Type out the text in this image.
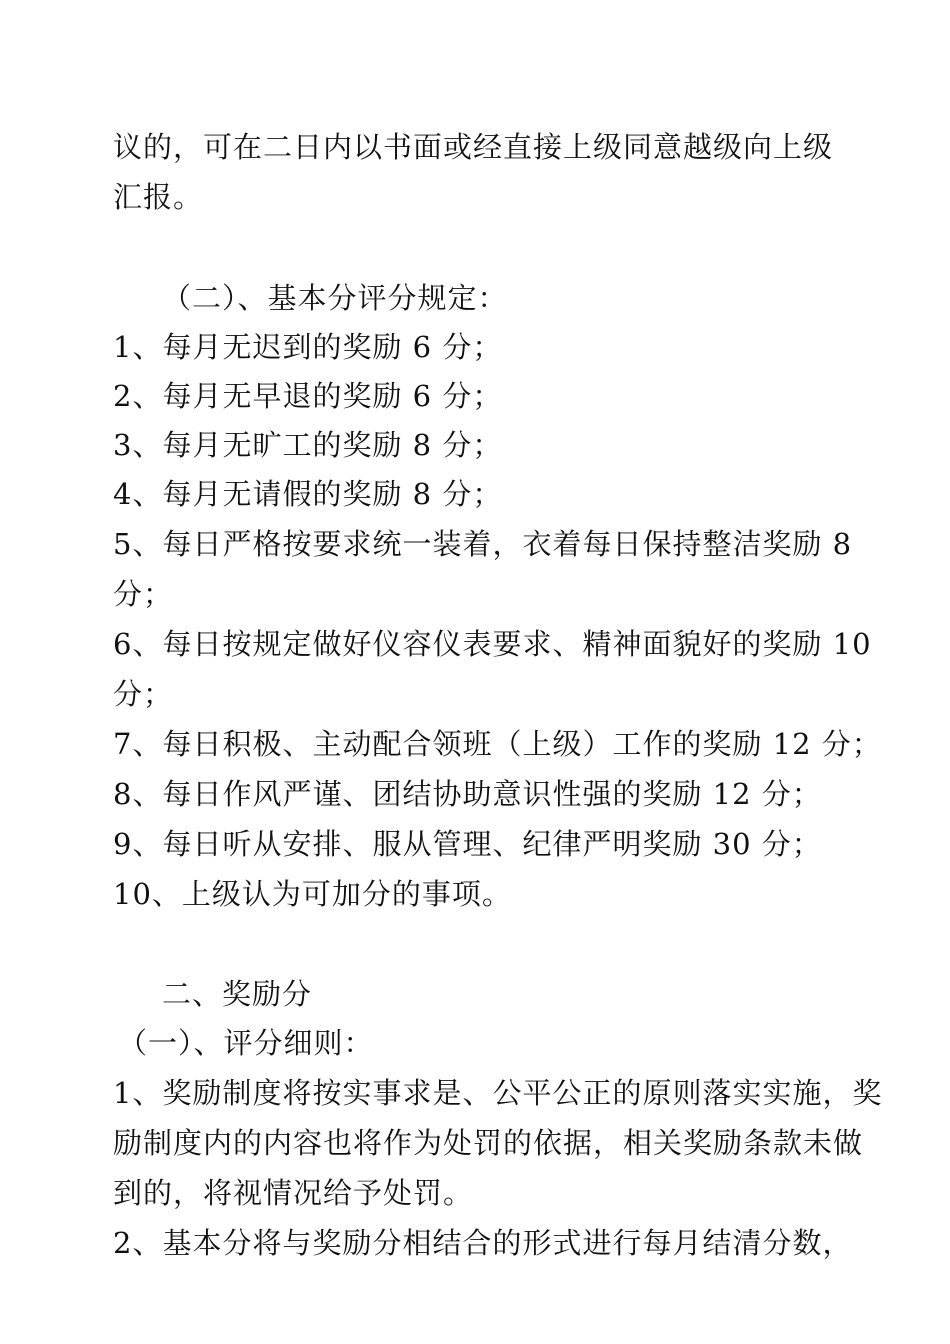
议的，可在二日内以书面或经直接上级同意越级向上级
汇报。
（二）、基本分评分规定：
1、每月无迟到的奖励 6 分；
2、每月无早退的奖励 6 分；
3、每月无旷工的奖励 8 分；
4、每月无请假的奖励 8 分；
5、每日严格按要求统一装着，衣着每日保持整洁奖励 8
分；
6、每日按规定做好仪容仪表要求、精神面貌好的奖励 10
分；
7、每日积极、主动配合领班（上级）工作的奖励 12 分；
8、每日作风严谨、团结协助意识性强的奖励 12 分；
9、每日听从安排、服从管理、纪律严明奖励 30 分；
10、上级认为可加分的事项。
二、奖励分
（一）、评分细则：
1、奖励制度将按实事求是、公平公正的原则落实实施，奖
励制度内的内容也将作为处罚的依据，相关奖励条款未做
到的，将视情况给予处罚。
2、基本分将与奖励分相结合的形式进行每月结清分数，
